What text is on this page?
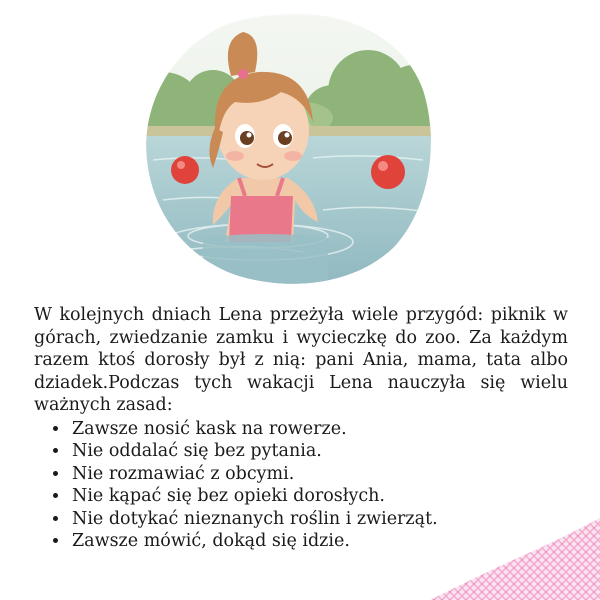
W kolejnych dniach Lena przeżyła wiele przygód: piknik w górach, zwiedzanie zamku i wycieczkę do zoo. Za każdym razem ktoś dorosły był z nią: pani Ania, mama, tata albo dziadek.Podczas tych wakacji Lena nauczyła się wielu ważnych zasad:

• Zawsze nosić kask na rowerze.
• Nie oddalać się bez pytania.
• Nie rozmawiać z obcymi.
• Nie kąpać się bez opieki dorosłych.
• Nie dotykać nieznanych roślin i zwierząt.
• Zawsze mówić, dokąd się idzie.
